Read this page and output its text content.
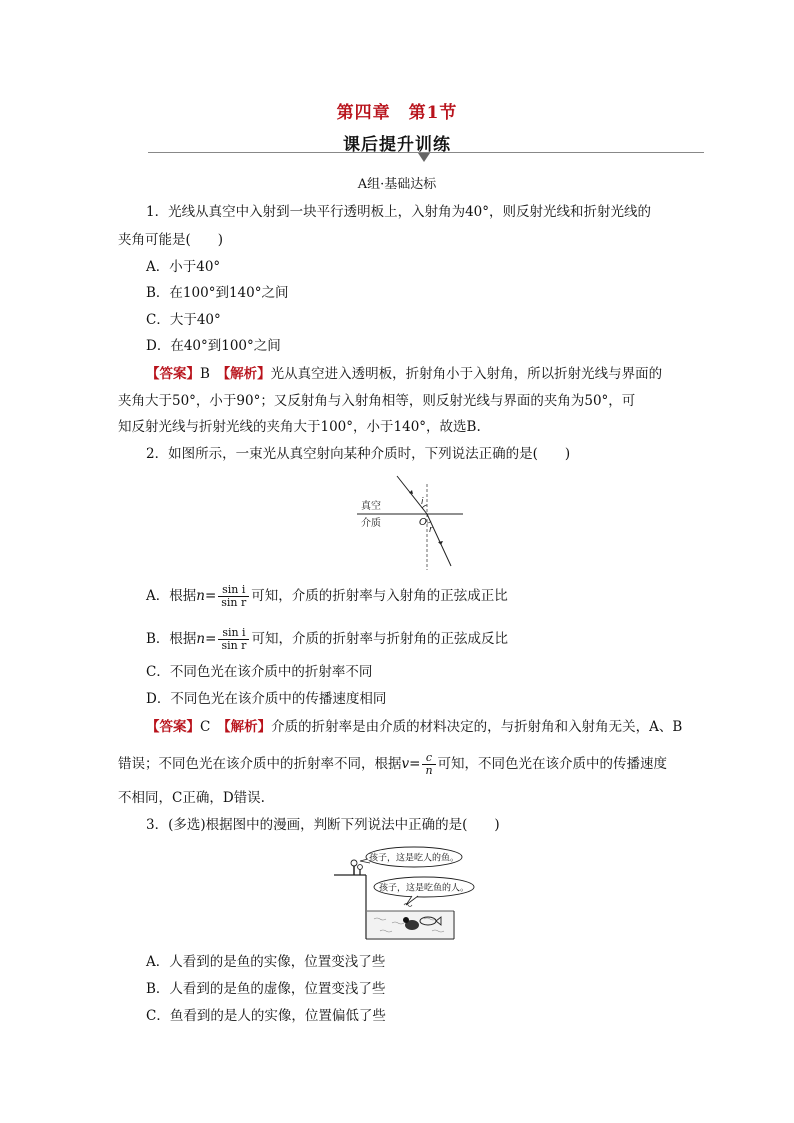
第四章　第1节
课后提升训练
A组·基础达标
1．光线从真空中入射到一块平行透明板上，入射角为40°，则反射光线和折射光线的
夹角可能是(　　)
A．小于40°
B．在100°到140°之间
C．大于40°
D．在40°到100°之间
【答案】B　 【解析】光从真空进入透明板，折射角小于入射角，所以折射光线与界面的
夹角大于50°，小于90°；又反射角与入射角相等，则反射光线与界面的夹角为50°，可
知反射光线与折射光线的夹角大于100°，小于140°，故选B.
2．如图所示，一束光从真空射向某种介质时，下列说法正确的是(　　)
真空
介质	O
i
r
A．根据$n= \frac{\text{sin i}}{\text{sin r}}$ 可知，介质的折射率与入射角的正弦成正比
B．根据$n= \frac{\text{sin i}}{\text{sin r}}$ 可知，介质的折射率与折射角的正弦成反比
C．不同色光在该介质中的折射率不同
D．不同色光在该介质中的传播速度相同
【答案】C　 【解析】介质的折射率是由介质的材料决定的，与折射角和入射角无关，A、B
错误；不同色光在该介质中的折射率不同，根据$v= \frac{c}{n}$ 可知，不同色光在该介质中的传播速度
不相同，C正确，D错误.
3．(多选)根据图中的漫画，判断下列说法中正确的是(　　)
孩子，这是吃人的鱼。
孩子，这是吃鱼的人。
A．人看到的是鱼的实像，位置变浅了些
B．人看到的是鱼的虚像，位置变浅了些
C．鱼看到的是人的实像，位置偏低了些
